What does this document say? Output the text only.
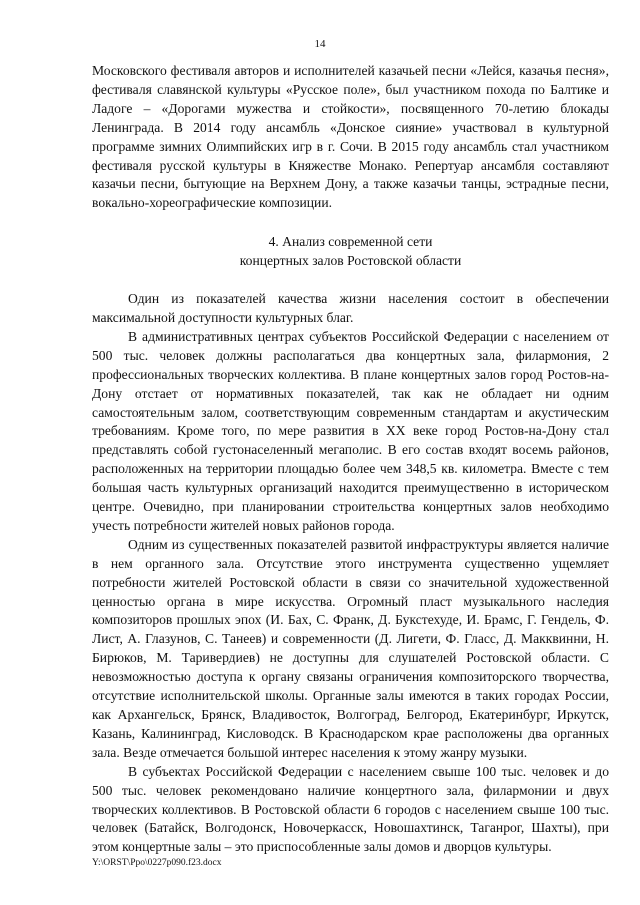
14

Московского фестиваля авторов и исполнителей казачьей песни «Лейся, казачья песня», фестиваля славянской культуры «Русское поле», был участником похода по Балтике и Ладоге – «Дорогами мужества и стойкости», посвященного 70-летию блокады Ленинграда. В 2014 году ансамбль «Донское сияние» участвовал в культурной программе зимних Олимпийских игр в г. Сочи. В 2015 году ансамбль стал участником фестиваля русской культуры в Княжестве Монако. Репертуар ансамбля составляют казачьи песни, бытующие на Верхнем Дону, а также казачьи танцы, эстрадные песни, вокально-хореографические композиции.

4. Анализ современной сети
концертных залов Ростовской области

Один из показателей качества жизни населения состоит в обеспечении максимальной доступности культурных благ.

В административных центрах субъектов Российской Федерации с населением от 500 тыс. человек должны располагаться два концертных зала, филармония, 2 профессиональных творческих коллектива. В плане концертных залов город Ростов-на-Дону отстает от нормативных показателей, так как не обладает ни одним самостоятельным залом, соответствующим современным стандартам и акустическим требованиям. Кроме того, по мере развития в XX веке город Ростов-на-Дону стал представлять собой густонаселенный мегаполис. В его состав входят восемь районов, расположенных на территории площадью более чем 348,5 кв. километра. Вместе с тем большая часть культурных организаций находится преимущественно в историческом центре. Очевидно, при планировании строительства концертных залов необходимо учесть потребности жителей новых районов города.

Одним из существенных показателей развитой инфраструктуры является наличие в нем органного зала. Отсутствие этого инструмента существенно ущемляет потребности жителей Ростовской области в связи со значительной художественной ценностью органа в мире искусства. Огромный пласт музыкального наследия композиторов прошлых эпох (И. Бах, С. Франк, Д. Букстехуде, И. Брамс, Г. Гендель, Ф. Лист, А. Глазунов, С. Танеев) и современности (Д. Лигети, Ф. Гласс, Д. Макквинни, Н. Бирюков, М. Таривердиев) не доступны для слушателей Ростовской области. С невозможностью доступа к органу связаны ограничения композиторского творчества, отсутствие исполнительской школы. Органные залы имеются в таких городах России, как Архангельск, Брянск, Владивосток, Волгоград, Белгород, Екатеринбург, Иркутск, Казань, Калининград, Кисловодск. В Краснодарском крае расположены два органных зала. Везде отмечается большой интерес населения к этому жанру музыки.

В субъектах Российской Федерации с населением свыше 100 тыс. человек и до 500 тыс. человек рекомендовано наличие концертного зала, филармонии и двух творческих коллективов. В Ростовской области 6 городов с населением свыше 100 тыс. человек (Батайск, Волгодонск, Новочеркасск, Новошахтинск, Таганрог, Шахты), при этом концертные залы – это приспособленные залы домов и дворцов культуры.

Y:\ORST\Ppo\0227p090.f23.docx
